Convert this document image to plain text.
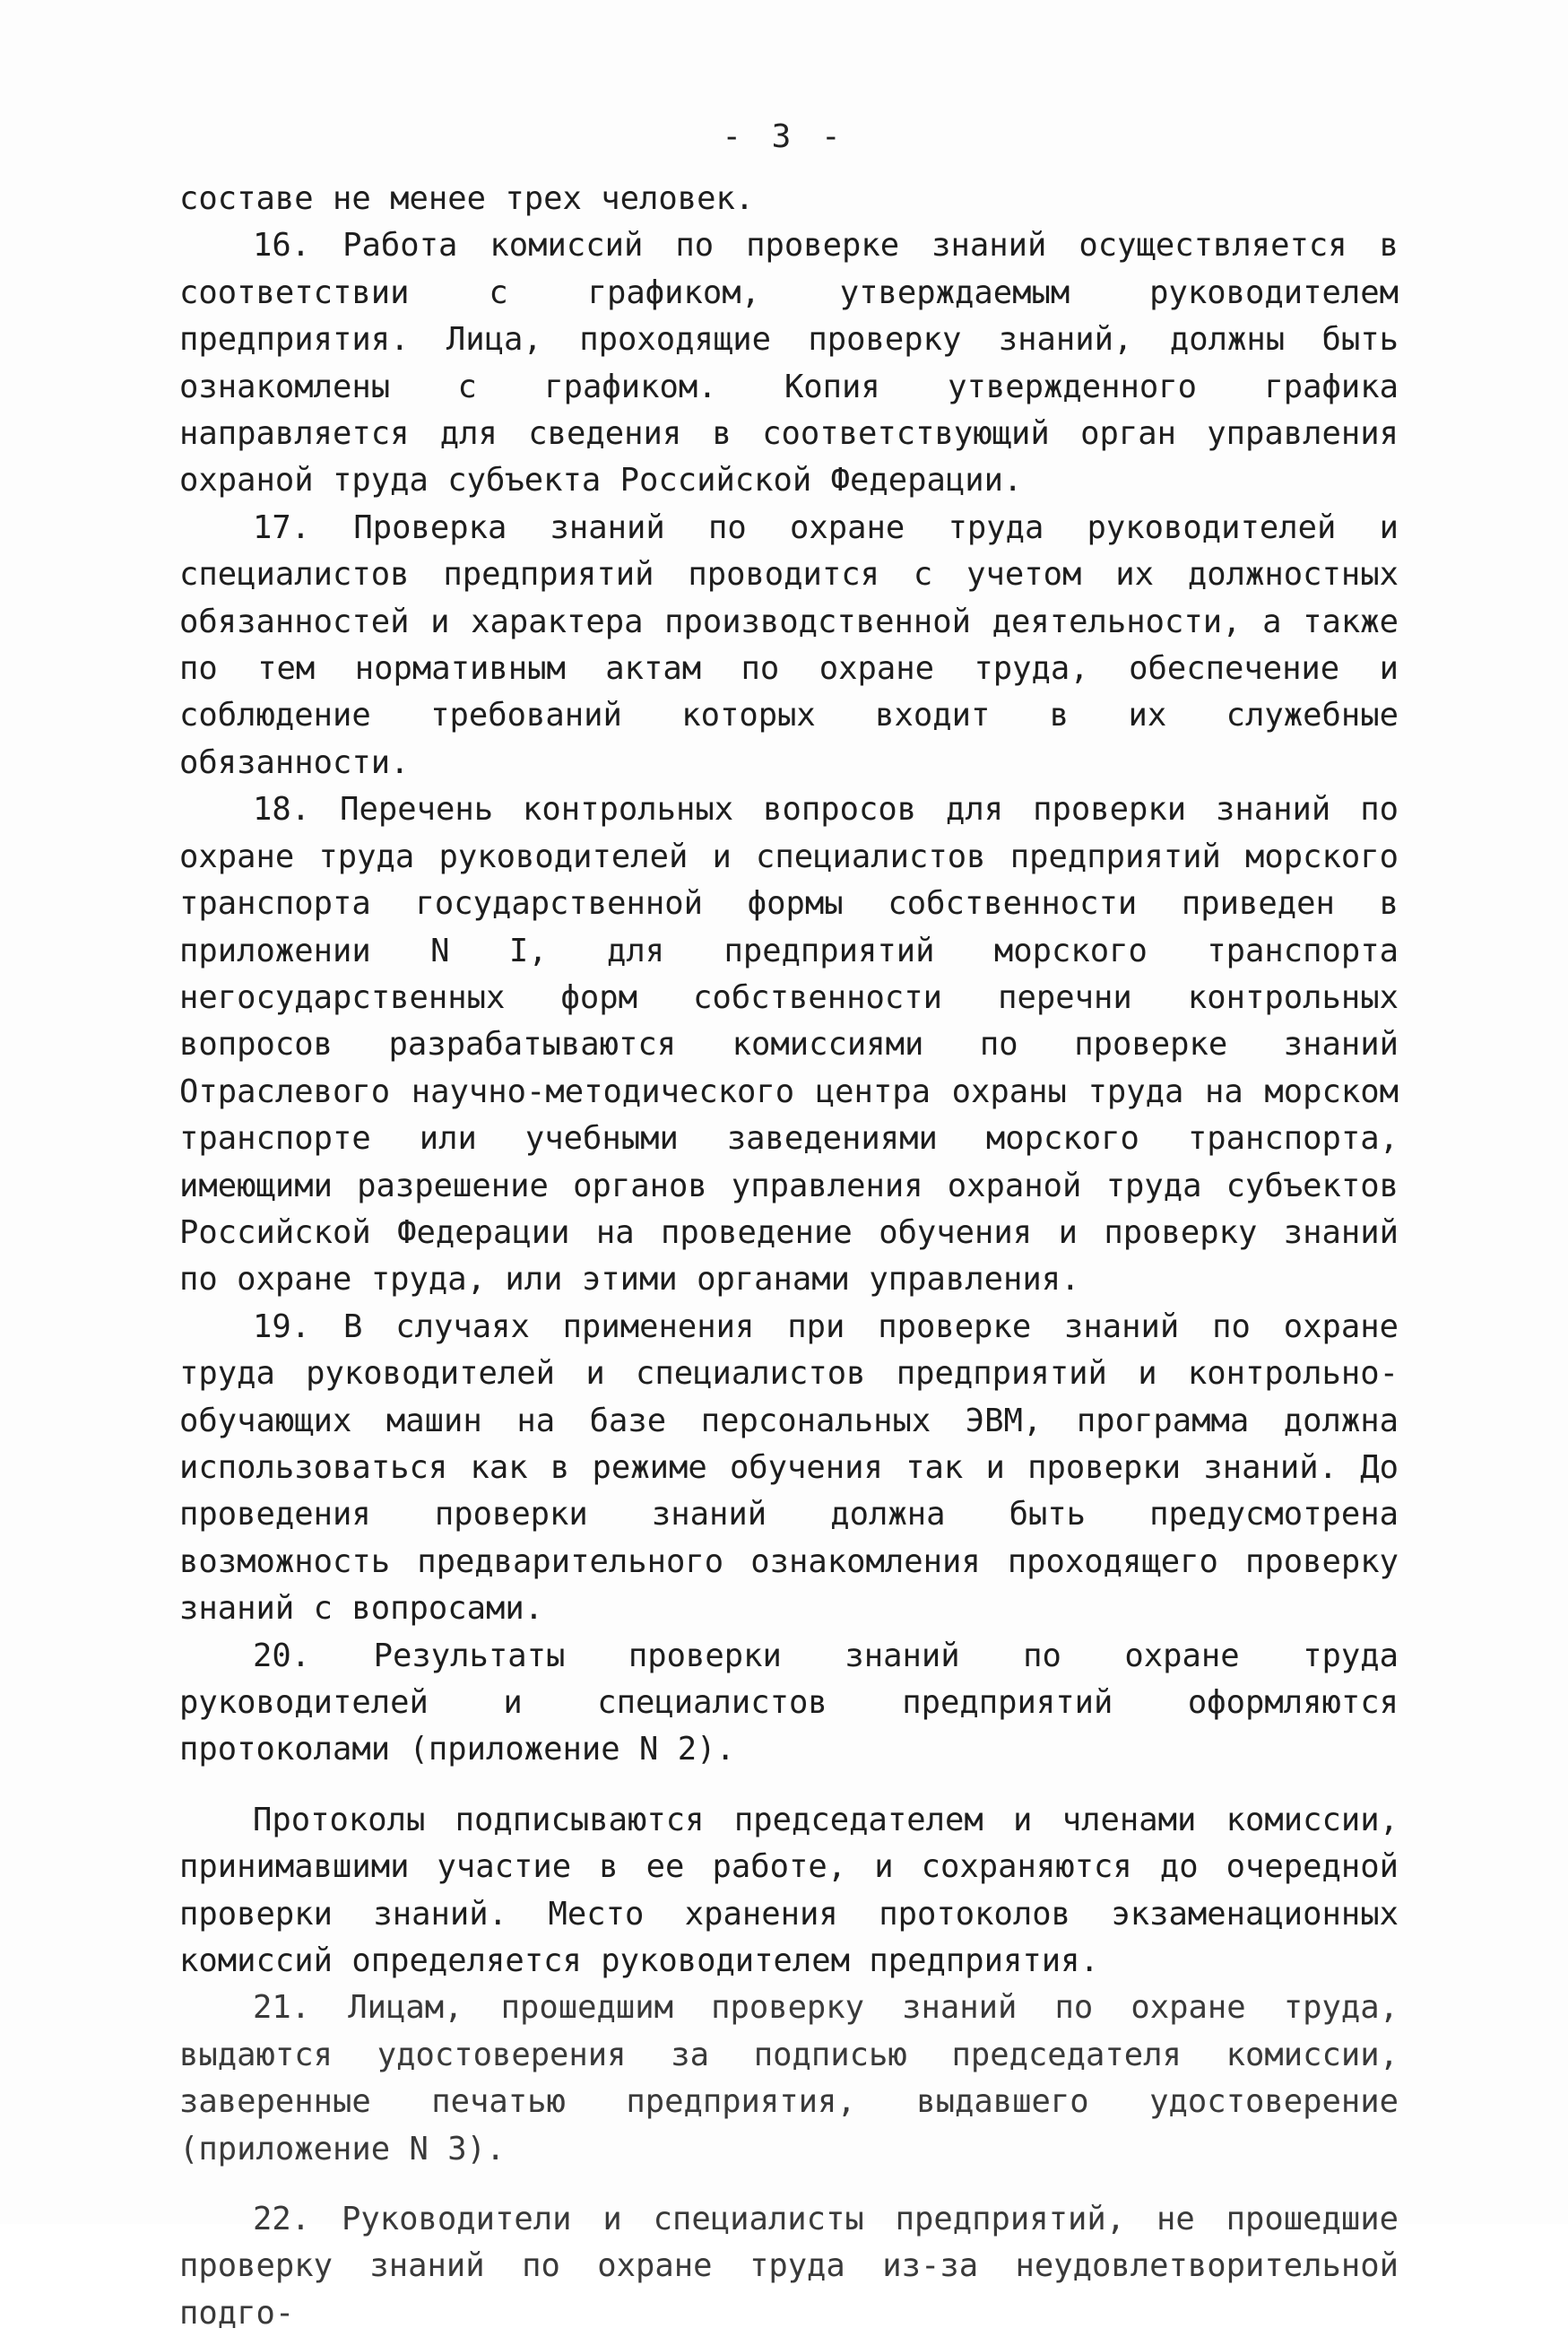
- 3 -

составе не менее трех человек.

16. Работа комиссий по проверке знаний осуществляется в соответствии с графиком, утверждаемым руководителем предприятия. Лица, проходящие проверку знаний, должны быть ознакомлены с графиком. Копия утвержденного графика направляется для сведения в соответствующий орган управления охраной труда субъекта Российской Федерации.

17. Проверка знаний по охране труда руководителей и специалистов предприятий проводится с учетом их должностных обязанностей и характера производственной деятельности, а также по тем нормативным актам по охране труда, обеспечение и соблюдение требований которых входит в их служебные обязанности.

18. Перечень контрольных вопросов для проверки знаний по охране труда руководителей и специалистов предприятий морского транспорта государственной формы собственности приведен в приложении N I, для предприятий морского транспорта негосударственных форм собственности перечни контрольных вопросов разрабатываются комиссиями по проверке знаний Отраслевого научно-методического центра охраны труда на морском транспорте или учебными заведениями морского транспорта, имеющими разрешение органов управления охраной труда субъектов Российской Федерации на проведение обучения и проверку знаний по охране труда, или этими органами управления.

19. В случаях применения при проверке знаний по охране труда руководителей и специалистов предприятий и контрольно-обучающих машин на базе персональных ЭВМ, программа должна использоваться как в режиме обучения так и проверки знаний. До проведения проверки знаний должна быть предусмотрена возможность предварительного ознакомления проходящего проверку знаний с вопросами.

20. Результаты проверки знаний по охране труда руководителей и специалистов предприятий оформляются протоколами (приложение N 2).

Протоколы подписываются председателем и членами комиссии, принимавшими участие в ее работе, и сохраняются до очередной проверки знаний. Место хранения протоколов экзаменационных комиссий определяется руководителем предприятия.

21. Лицам, прошедшим проверку знаний по охране труда, выдаются удостоверения за подписью председателя комиссии, заверенные печатью предприятия, выдавшего удостоверение (приложение N 3).

22. Руководители и специалисты предприятий, не прошедшие проверку знаний по охране труда из-за неудовлетворительной подго-
